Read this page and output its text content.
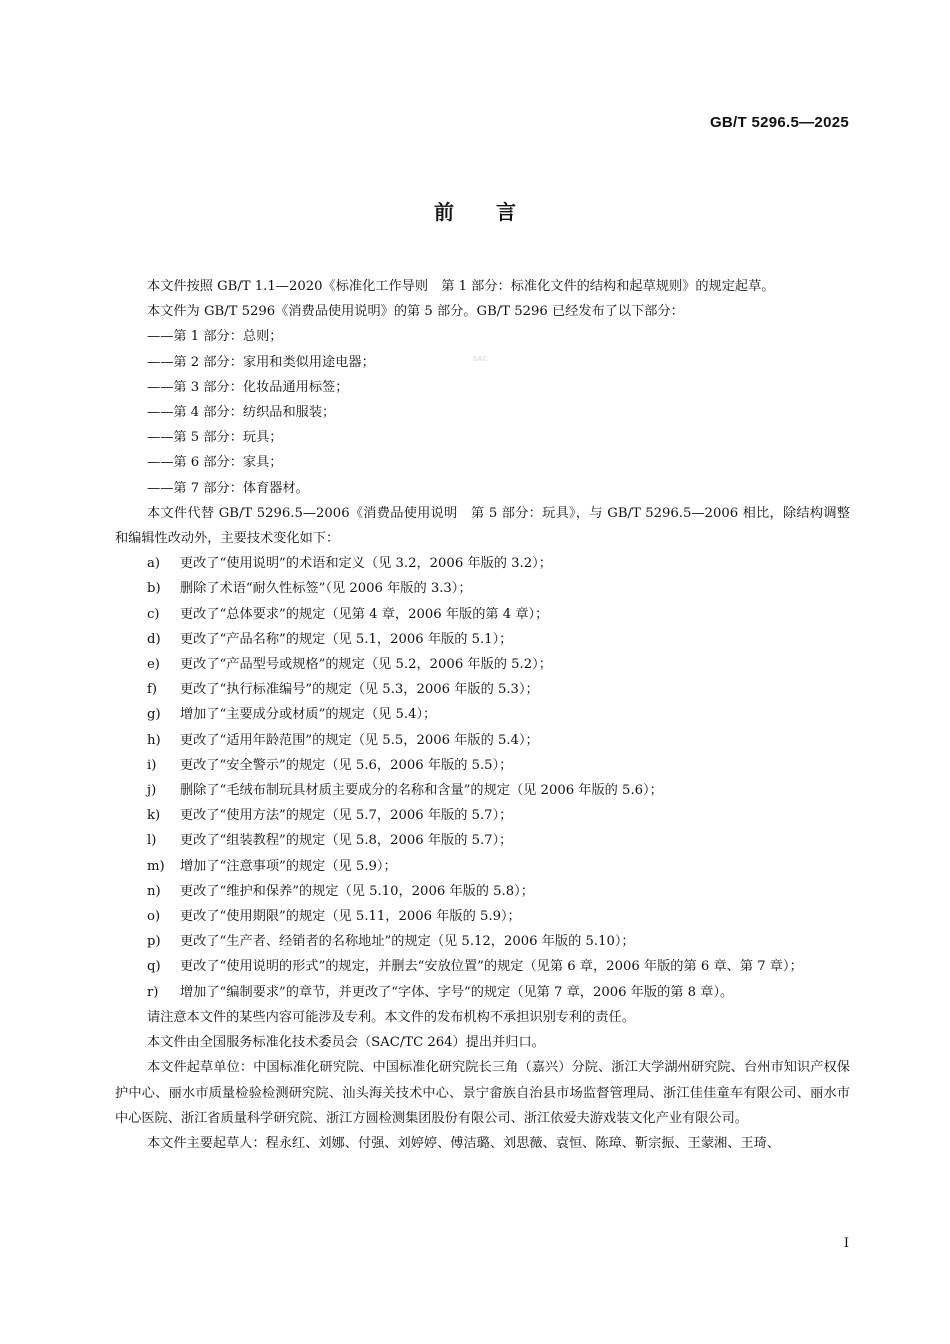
GB/T 5296.5—2025
前 言
SAC

本文件按照 GB/T 1.1—2020《标准化工作导则　第 1 部分：标准化文件的结构和起草规则》的规定起草。

本文件为 GB/T 5296《消费品使用说明》的第 5 部分。GB/T 5296 已经发布了以下部分：

——第 1 部分：总则；

——第 2 部分：家用和类似用途电器；

——第 3 部分：化妆品通用标签；

——第 4 部分：纺织品和服装；

——第 5 部分：玩具；

——第 6 部分：家具；

——第 7 部分：体育器材。

本文件代替 GB/T 5296.5—2006《消费品使用说明　第 5 部分：玩具》，与 GB/T 5296.5—2006 相比，除结构调整和编辑性改动外，主要技术变化如下：

a)	更改了“使用说明”的术语和定义（见 3.2，2006 年版的 3.2）；
b)	删除了术语“耐久性标签”（见 2006 年版的 3.3）；
c)	更改了“总体要求”的规定（见第 4 章，2006 年版的第 4 章）；
d)	更改了“产品名称”的规定（见 5.1，2006 年版的 5.1）；
e)	更改了“产品型号或规格”的规定（见 5.2，2006 年版的 5.2）；
f)	更改了“执行标准编号”的规定（见 5.3，2006 年版的 5.3）；
g)	增加了“主要成分或材质”的规定（见 5.4）；
h)	更改了“适用年龄范围”的规定（见 5.5，2006 年版的 5.4）；
i)	更改了“安全警示”的规定（见 5.6，2006 年版的 5.5）；
j)	删除了“毛绒布制玩具材质主要成分的名称和含量”的规定（见 2006 年版的 5.6）；
k)	更改了“使用方法”的规定（见 5.7，2006 年版的 5.7）；
l)	更改了“组装教程”的规定（见 5.8，2006 年版的 5.7）；
m)	增加了“注意事项”的规定（见 5.9）；
n)	更改了“维护和保养”的规定（见 5.10，2006 年版的 5.8）；
o)	更改了“使用期限”的规定（见 5.11，2006 年版的 5.9）；
p)	更改了“生产者、经销者的名称地址”的规定（见 5.12，2006 年版的 5.10）；
q)	更改了“使用说明的形式”的规定，并删去“安放位置”的规定（见第 6 章，2006 年版的第 6 章、第 7 章）；
r)	增加了“编制要求”的章节，并更改了“字体、字号”的规定（见第 7 章，2006 年版的第 8 章）。

请注意本文件的某些内容可能涉及专利。本文件的发布机构不承担识别专利的责任。

本文件由全国服务标准化技术委员会（SAC/TC 264）提出并归口。

本文件起草单位：中国标准化研究院、中国标准化研究院长三角（嘉兴）分院、浙江大学湖州研究院、台州市知识产权保护中心、丽水市质量检验检测研究院、汕头海关技术中心、景宁畲族自治县市场监督管理局、浙江佳佳童车有限公司、丽水市中心医院、浙江省质量科学研究院、浙江方圆检测集团股份有限公司、浙江依爱夫游戏装文化产业有限公司。

本文件主要起草人：程永红、刘娜、付强、刘婷婷、傅洁璐、刘思薇、袁恒、陈璋、靳宗振、王蒙湘、王琦、

I
